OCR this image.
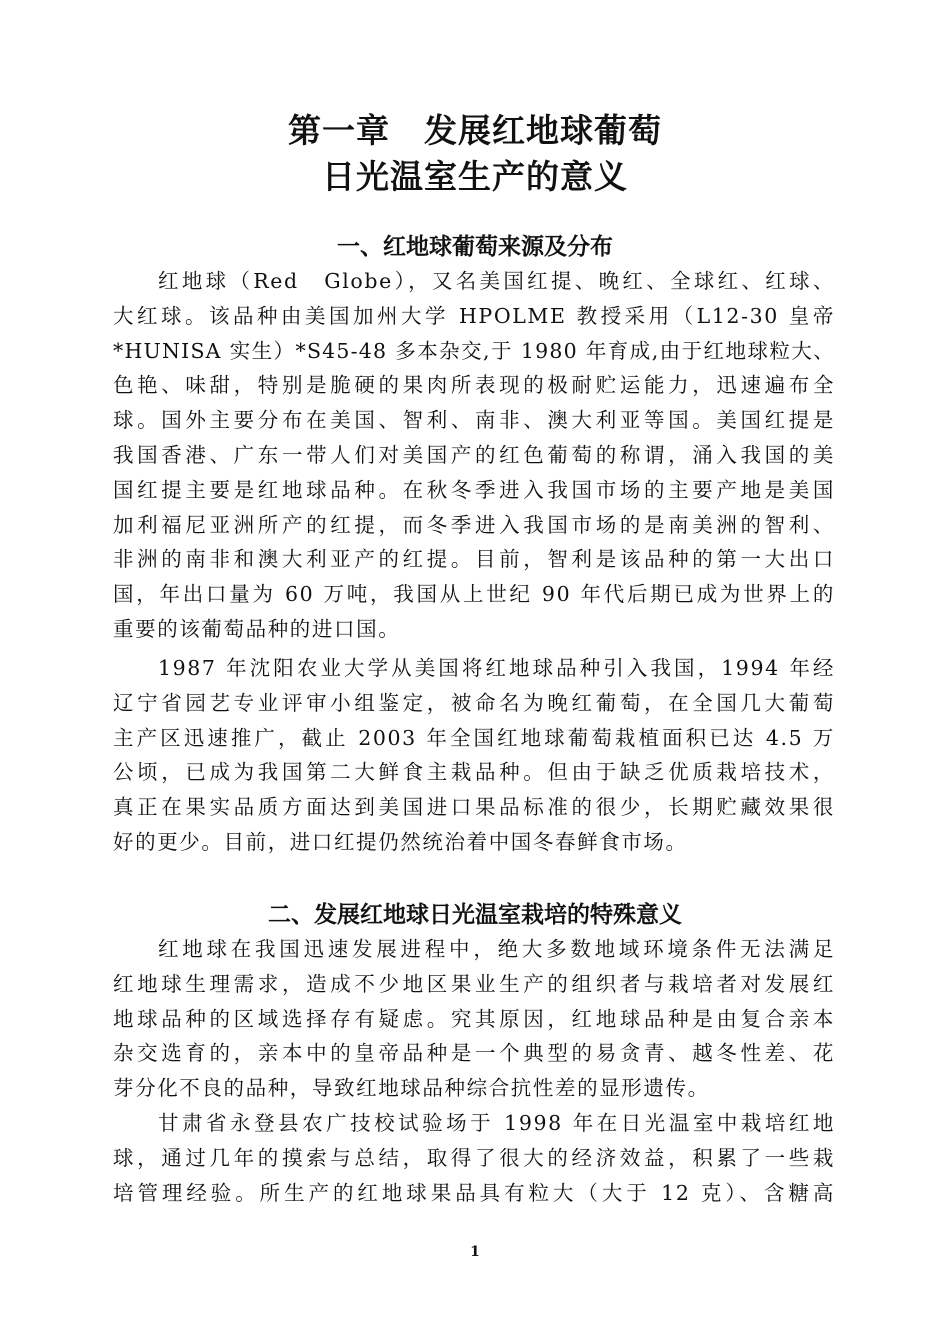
第一章　发展红地球葡萄
日光温室生产的意义
一、红地球葡萄来源及分布
红地球（Red　Globe），又名美国红提、晚红、全球红、红球、
大红球。该品种由美国加州大学 HPOLME 教授采用（L12-30 皇帝
*HUNISA 实生）*S45-48 多本杂交,于 1980 年育成,由于红地球粒大、
色艳、味甜，特别是脆硬的果肉所表现的极耐贮运能力，迅速遍布全
球。国外主要分布在美国、智利、南非、澳大利亚等国。美国红提是
我国香港、广东一带人们对美国产的红色葡萄的称谓，涌入我国的美
国红提主要是红地球品种。在秋冬季进入我国市场的主要产地是美国
加利福尼亚洲所产的红提，而冬季进入我国市场的是南美洲的智利、
非洲的南非和澳大利亚产的红提。目前，智利是该品种的第一大出口
国，年出口量为 60 万吨，我国从上世纪 90 年代后期已成为世界上的
重要的该葡萄品种的进口国。
1987 年沈阳农业大学从美国将红地球品种引入我国，1994 年经
辽宁省园艺专业评审小组鉴定，被命名为晚红葡萄，在全国几大葡萄
主产区迅速推广，截止 2003 年全国红地球葡萄栽植面积已达 4.5 万
公顷，已成为我国第二大鲜食主栽品种。但由于缺乏优质栽培技术，
真正在果实品质方面达到美国进口果品标准的很少，长期贮藏效果很
好的更少。目前，进口红提仍然统治着中国冬春鲜食市场。
二、发展红地球日光温室栽培的特殊意义
红地球在我国迅速发展进程中，绝大多数地域环境条件无法满足
红地球生理需求，造成不少地区果业生产的组织者与栽培者对发展红
地球品种的区域选择存有疑虑。究其原因，红地球品种是由复合亲本
杂交选育的，亲本中的皇帝品种是一个典型的易贪青、越冬性差、花
芽分化不良的品种，导致红地球品种综合抗性差的显形遗传。
甘肃省永登县农广技校试验场于 1998 年在日光温室中栽培红地
球，通过几年的摸索与总结，取得了很大的经济效益，积累了一些栽
培管理经验。所生产的红地球果品具有粒大（大于 12 克）、含糖高
1
